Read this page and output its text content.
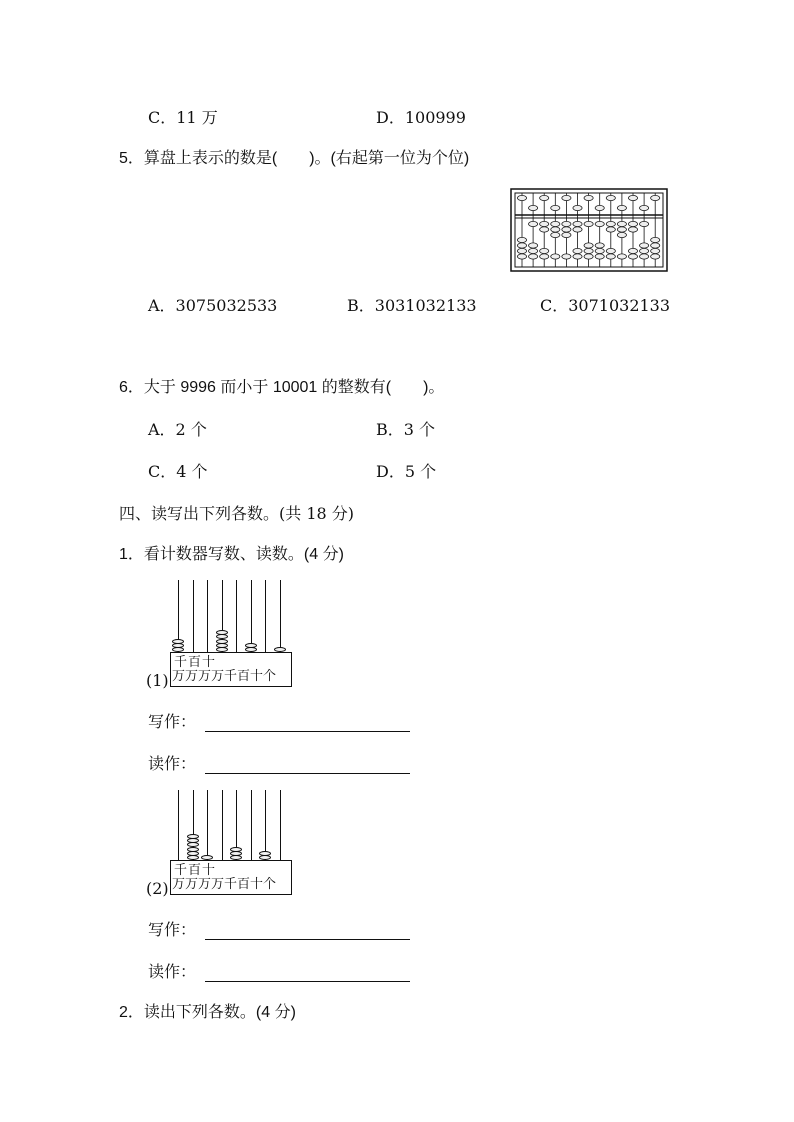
C．11 万	D．100999
5．算盘上表示的数是(　　)。(右起第一位为个位)
A．3075032533	B．3031032133	C．3071032133
6．大于 9996 而小于 10001 的整数有(　　)。
A．2 个	B．3 个
C．4 个	D．5 个
四、读写出下列各数。(共 18 分)
1．看计数器写数、读数。(4 分)
(1)
千百十
万万万万千百十个
写作：
读作：
(2)
千百十
万万万万千百十个
写作：
读作：
2．读出下列各数。(4 分)
